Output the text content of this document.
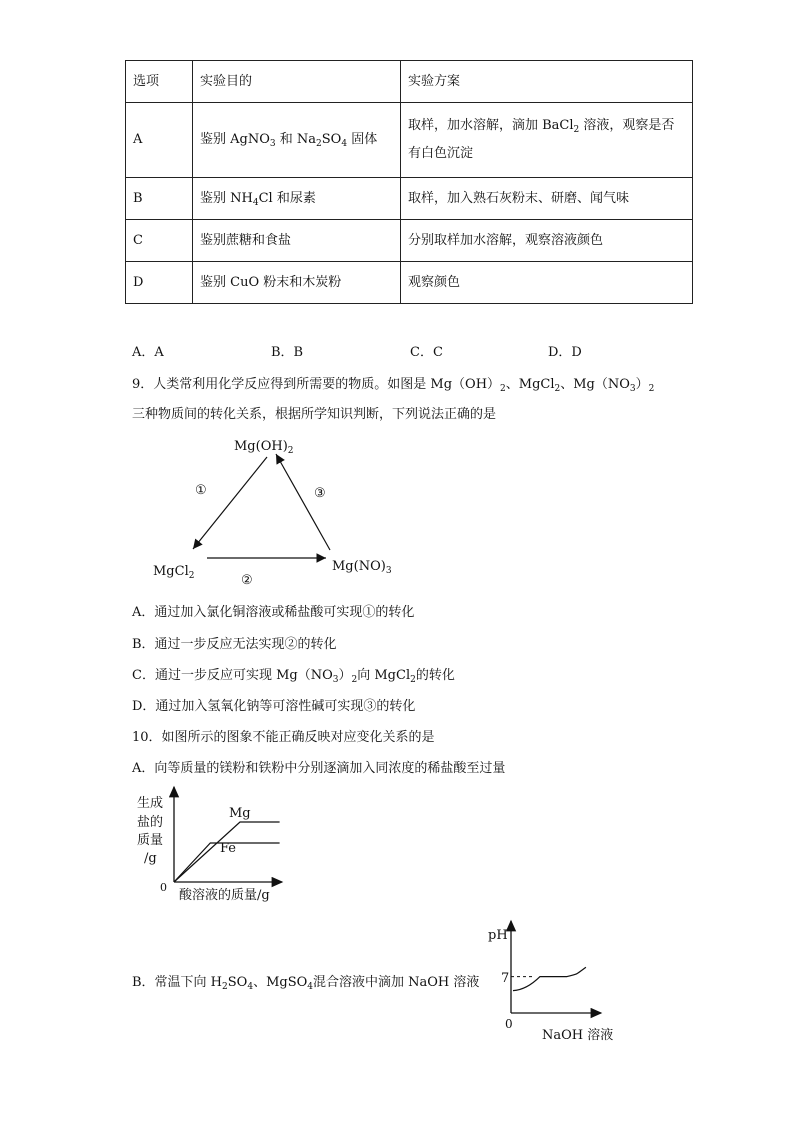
选项	实验目的	实验方案
A	鉴别 AgNO$_3$ 和 $Na_2SO_4$ 固体	取样，加水溶解，滴加 BaCl$_2$ 溶液，观察是否
有白色沉淀
B	鉴别 $NH_4Cl$ 和尿素	取样，加入熟石灰粉末、研磨、闻气味
C	鉴别蔗糖和食盐	分别取样加水溶解，观察溶液颜色
D	鉴别 CuO 粉末和木炭粉	观察颜色
A．A	B．B	C．C	D．D
9．人类常利用化学反应得到所需要的物质。如图是 $Mg(OH)_2$、MgCl$_2$、$Mg(NO_3)_2$
三种物质间的转化关系，根据所学知识判断，下列说法正确的是
$Mg(OH)_2$
MgCl$_2$
$Mg(NO)_3$
①
②
③
A．通过加入氯化铜溶液或稀盐酸可实现①的转化
B．通过一步反应无法实现②的转化
C．通过一步反应可实现 $Mg(NO_3)_2$向 MgCl$_2$的转化
D．通过加入氢氧化钠等可溶性碱可实现③的转化
10．如图所示的图象不能正确反映对应变化关系的是
A．向等质量的镁粉和铁粉中分别逐滴加入同浓度的稀盐酸至过量
生成
盐的
质量
/g
0
酸溶液的质量/g
Mg
Fe
B．常温下向 $H_2SO_4$、MgSO$_4$混合溶液中滴加 NaOH 溶液
pH
7
0
NaOH 溶液
